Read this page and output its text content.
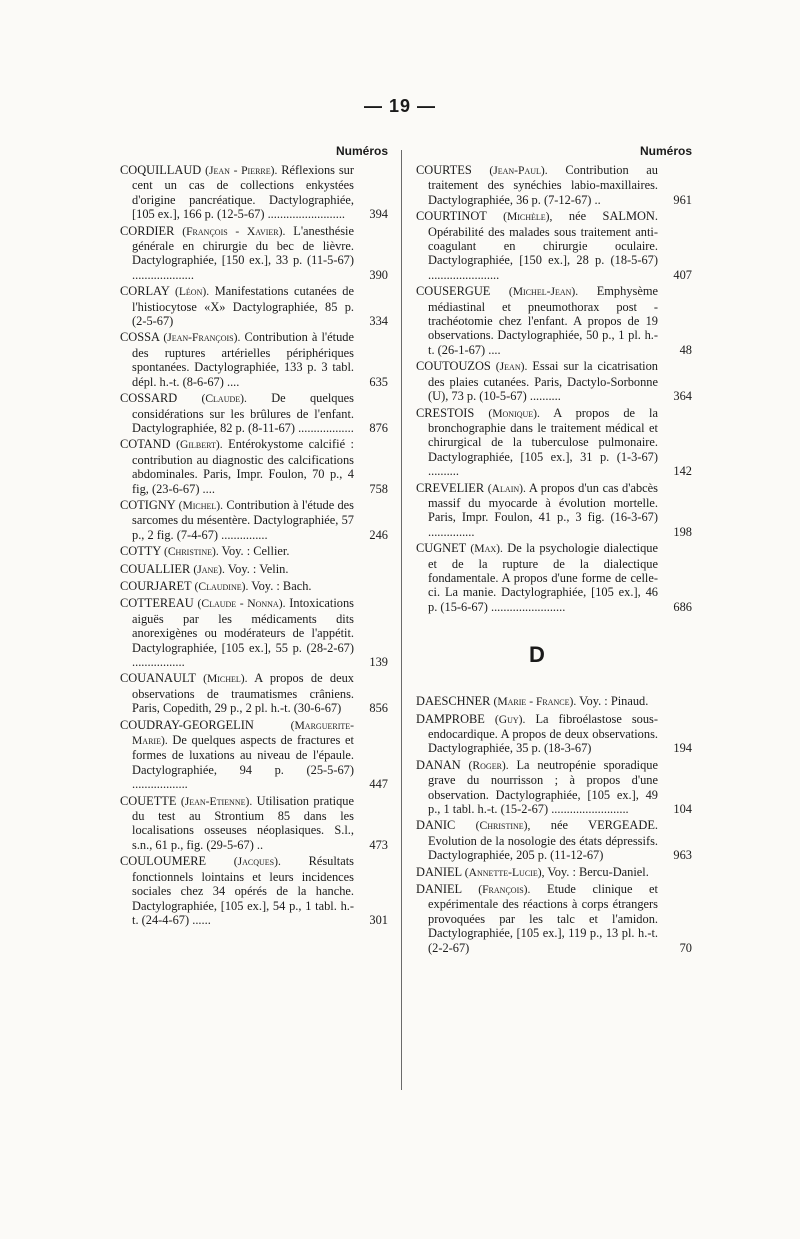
— 19 —
Numéros
COQUILLAUD (Jean - Pierre). Réflexions sur cent un cas de collections enkystées d'origine pancréatique. Dactylographiée, [105 ex.], 166 p. (12-5-67) ......................... 394
CORDIER (François - Xavier). L'anesthésie générale en chirurgie du bec de lièvre. Dactylographiée, [150 ex.], 33 p. (11-5-67) ....................	390
CORLAY (Léon). Manifestations cutanées de l'histiocytose «X» Dactylographiée, 85 p. (2-5-67)	334
COSSA (Jean-François). Contribution à l'étude des ruptures artérielles périphériques spontanées. Dactylographiée, 133 p. 3 tabl. dépl. h.-t. (8-6-67) ....	635
COSSARD (Claude). De quelques considérations sur les brûlures de l'enfant. Dactylographiée, 82 p. (8-11-67) .................. 876
COTAND (Gilbert). Entérokystome calcifié : contribution au diagnostic des calcifications abdominales. Paris, Impr. Foulon, 70 p., 4 fig, (23-6-67) ....	758
COTIGNY (Michel). Contribution à l'étude des sarcomes du mésentère. Dactylographiée, 57 p., 2 fig. (7-4-67) ...............	246
COTTY (Christine). Voy. : Cellier.
COUALLIER (Jane). Voy. : Velin.
COURJARET (Claudine). Voy. : Bach.
COTTEREAU (Claude - Nonna). Intoxications aiguës par les médicaments dits anorexigènes ou modérateurs de l'appétit. Dactylographiée, [105 ex.], 55 p. (28-2-67) .................	139
COUANAULT (Michel). A propos de deux observations de traumatismes crâniens. Paris, Copedith, 29 p., 2 pl. h.-t. (30-6-67) 856
COUDRAY-GEORGELIN	(Marguerite-Marie). De quelques aspects de fractures et formes de luxations au niveau de l'épaule. Dactylographiée, 94 p. (25-5-67) ..................	447
COUETTE (Jean-Etienne). Utilisation pratique du test au Strontium 85 dans les localisations osseuses néoplasiques. S.l., s.n., 61 p., fig. (29-5-67) ..	473
COULOUMERE (Jacques). Résultats fonctionnels lointains et leurs incidences sociales chez 34 opérés de la hanche. Dactylographiée, [105 ex.], 54 p., 1 tabl. h.-t. (24-4-67) ......	301
Numéros
COURTES (Jean-Paul). Contribution au traitement des synéchies labio-maxillaires. Dactylographiée, 36 p. (7-12-67) ..	961
COURTINOT (Michèle), née SALMON. Opérabilité des malades sous traitement anti-coagulant en chirurgie oculaire. Dactylographiée, [150 ex.], 28 p. (18-5-67) .......................	407
COUSERGUE (Michel-Jean). Emphysème médiastinal et pneumothorax post - trachéotomie chez l'enfant. A propos de 19 observations. Dactylographiée, 50 p., 1 pl. h.-t. (26-1-67) ....	48
COUTOUZOS (Jean). Essai sur la cicatrisation des plaies cutanées. Paris, Dactylo-Sorbonne (U), 73 p. (10-5-67) ..........	364
CRESTOIS (Monique). A propos de la bronchographie dans le traitement médical et chirurgical de la tuberculose pulmonaire. Dactylographiée, [105 ex.], 31 p. (1-3-67) ..........	142
CREVELIER (Alain). A propos d'un cas d'abcès massif du myocarde à évolution mortelle. Paris, Impr. Foulon, 41 p., 3 fig. (16-3-67) ...............	198
CUGNET (Max). De la psychologie dialectique et de la rupture de la dialectique fondamentale. A propos d'une forme de celle-ci. La manie. Dactylographiée, [105 ex.], 46 p. (15-6-67) ........................	686
D
DAESCHNER (Marie - France). Voy. : Pinaud.
DAMPROBE (Guy). La fibroélastose sous-endocardique. A propos de deux observations. Dactylographiée, 35 p. (18-3-67)	194
DANAN (Roger). La neutropénie sporadique grave du nourrisson ; à propos d'une observation. Dactylographiée, [105 ex.], 49 p., 1 tabl. h.-t. (15-2-67) .........................	104
DANIC (Christine), née VERGEADE. Evolution de la nosologie des états dépressifs. Dactylographiée, 205 p. (11-12-67)	963
DANIEL (Annette-Lucie), Voy. : Bercu-Daniel.
DANIEL (François). Etude clinique et expérimentale des réactions à corps étrangers provoquées par les talc et l'amidon. Dactylographiée, [105 ex.], 119 p., 13 pl. h.-t. (2-2-67)	70
